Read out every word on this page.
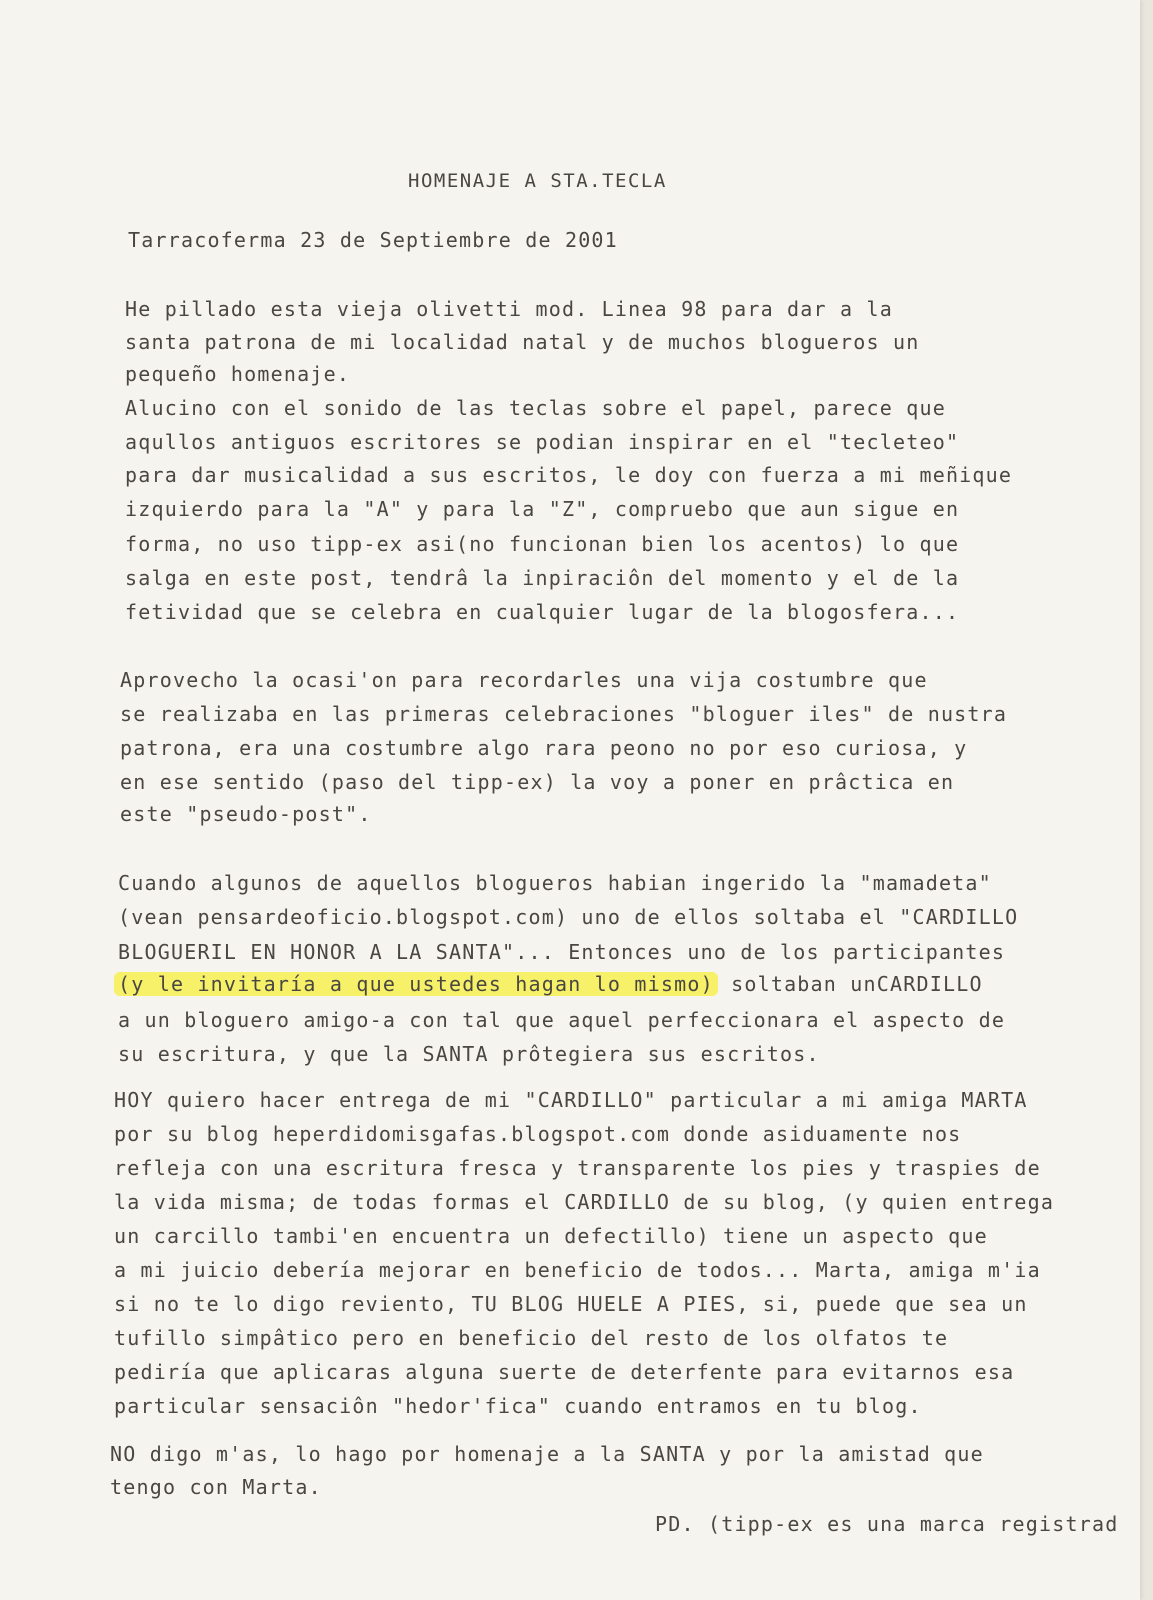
HOMENAJE A STA.TECLA
Tarracoferma 23 de Septiembre de 2001
He pillado esta vieja olivetti mod. Linea 98 para dar a la
santa patrona de mi localidad natal y de muchos blogueros un
pequeño homenaje.
Alucino con el sonido de las teclas sobre el papel, parece que
aqullos antiguos escritores se podian inspirar en el "tecleteo"
para dar musicalidad a sus escritos, le doy con fuerza a mi meñique
izquierdo para la "A" y para la "Z", compruebo que aun sigue en
forma, no uso tipp-ex asi(no funcionan bien los acentos) lo que
salga en este post, tendrâ la inpiraciôn del momento y el de la
fetividad que se celebra en cualquier lugar de la blogosfera...
Aprovecho la ocasi'on para recordarles una vija costumbre que
se realizaba en las primeras celebraciones "bloguer iles" de nustra
patrona, era una costumbre algo rara peono no por eso curiosa, y
en ese sentido (paso del tipp-ex) la voy a poner en prâctica en
este "pseudo-post".
Cuando algunos de aquellos blogueros habian ingerido la "mamadeta"
(vean pensardeoficio.blogspot.com) uno de ellos soltaba el "CARDILLO
BLOGUERIL EN HONOR A LA SANTA"... Entonces uno de los participantes
(y le invitaría a que ustedes hagan lo mismo) soltaban unCARDILLO
a un bloguero amigo-a con tal que aquel perfeccionara el aspecto de
su escritura, y que la SANTA prôtegiera sus escritos.
HOY quiero hacer entrega de mi "CARDILLO" particular a mi amiga MARTA
por su blog heperdidomisgafas.blogspot.com donde asiduamente nos
refleja con una escritura fresca y transparente los pies y traspies de
la vida misma; de todas formas el CARDILLO de su blog, (y quien entrega
un carcillo tambi'en encuentra un defectillo) tiene un aspecto que
a mi juicio debería mejorar en beneficio de todos... Marta, amiga m'ia
si no te lo digo reviento, TU BLOG HUELE A PIES, si, puede que sea un
tufillo simpâtico pero en beneficio del resto de los olfatos te
pediría que aplicaras alguna suerte de deterfente para evitarnos esa
particular sensaciôn "hedor'fica" cuando entramos en tu blog.
NO digo m'as, lo hago por homenaje a la SANTA y por la amistad que
tengo con Marta.
PD. (tipp-ex es una marca registrad
